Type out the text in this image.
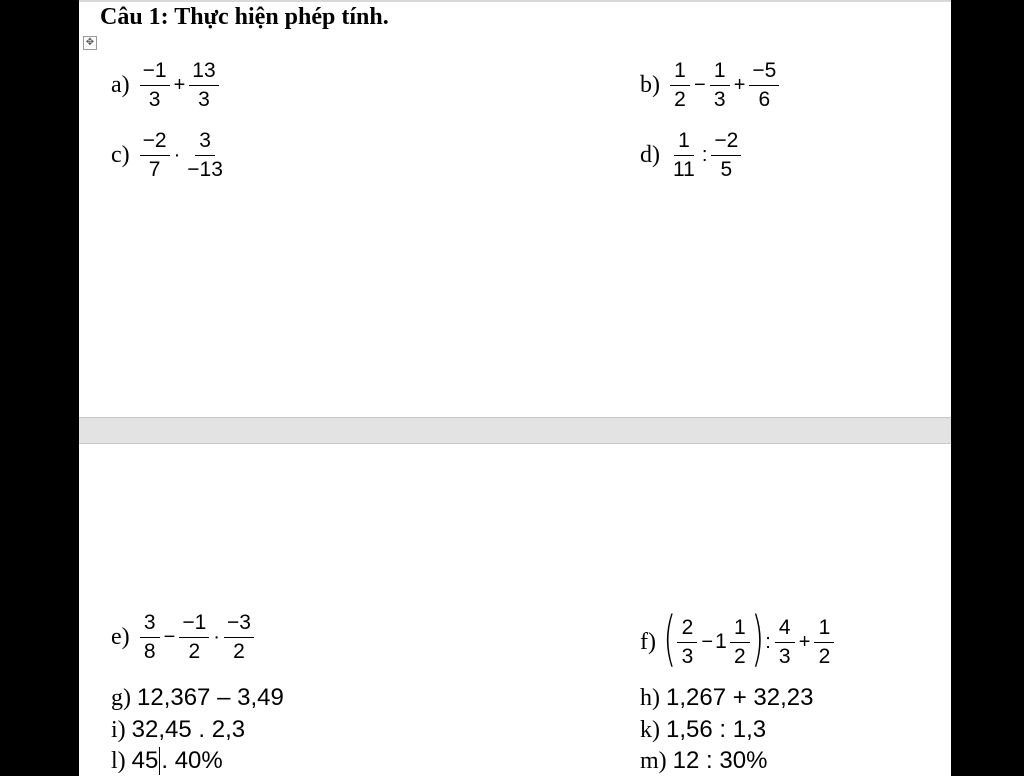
Câu 1: Thực hiện phép tính.
✥
$a) \frac{-1}{3} + \frac{13}{3}$	$b) \frac{1}{2} - \frac{1}{3} + \frac{-5}{6}$
$c) \frac{-2}{7} \cdot \frac{3}{-13}$	$d) \frac{1}{11}$ : $\frac{-2}{5}$
$e) \frac{3}{8} - \frac{-1}{2} \cdot \frac{-3}{2}$	f) ( $\frac{2}{3} - 1 \frac{1}{2}$ ) : $\frac{4}{3} + \frac{1}{2}$
g) 12,367 – 3,49	h) 1,267 + 32,23
i) 32,45 . 2,3	k) 1,56 : 1,3
l) 45 . 40%	m) 12 : 30%
